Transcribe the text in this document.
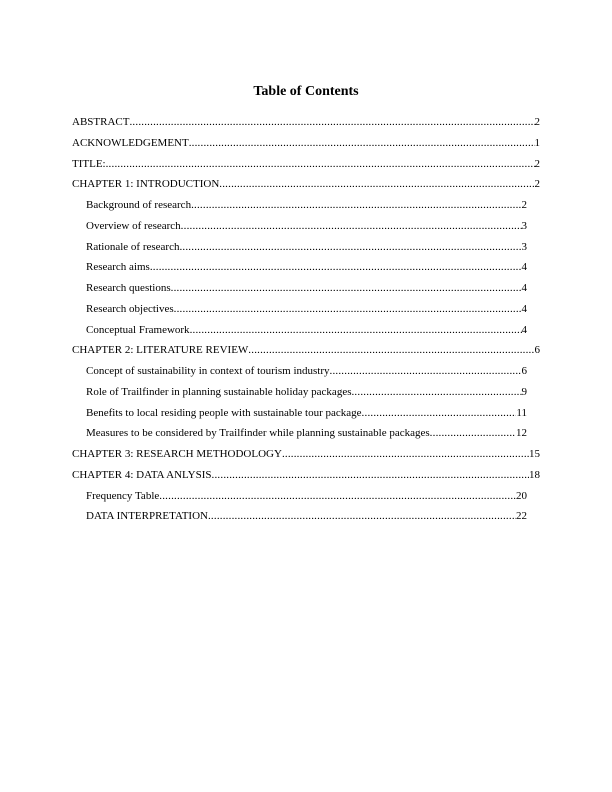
Table of Contents
ABSTRACT .....	2
ACKNOWLEDGEMENT .....	1
TITLE: .....	2
CHAPTER 1: INTRODUCTION .....	2
Background of research .....	2
Overview of research .....	3
Rationale of research .....	3
Research aims .....	4
Research questions .....	4
Research objectives .....	4
Conceptual Framework .....	4
CHAPTER 2: LITERATURE REVIEW .....	6
Concept of sustainability in context of tourism industry .....	6
Role of Trailfinder in planning sustainable holiday packages .....	9
Benefits to local residing people with sustainable tour package .....	11
Measures to be considered by Trailfinder while planning sustainable packages .....	12
CHAPTER 3: RESEARCH METHODOLOGY .....	15
CHAPTER 4: DATA ANLYSIS .....	18
Frequency Table .....	20
DATA INTERPRETATION .....	22
